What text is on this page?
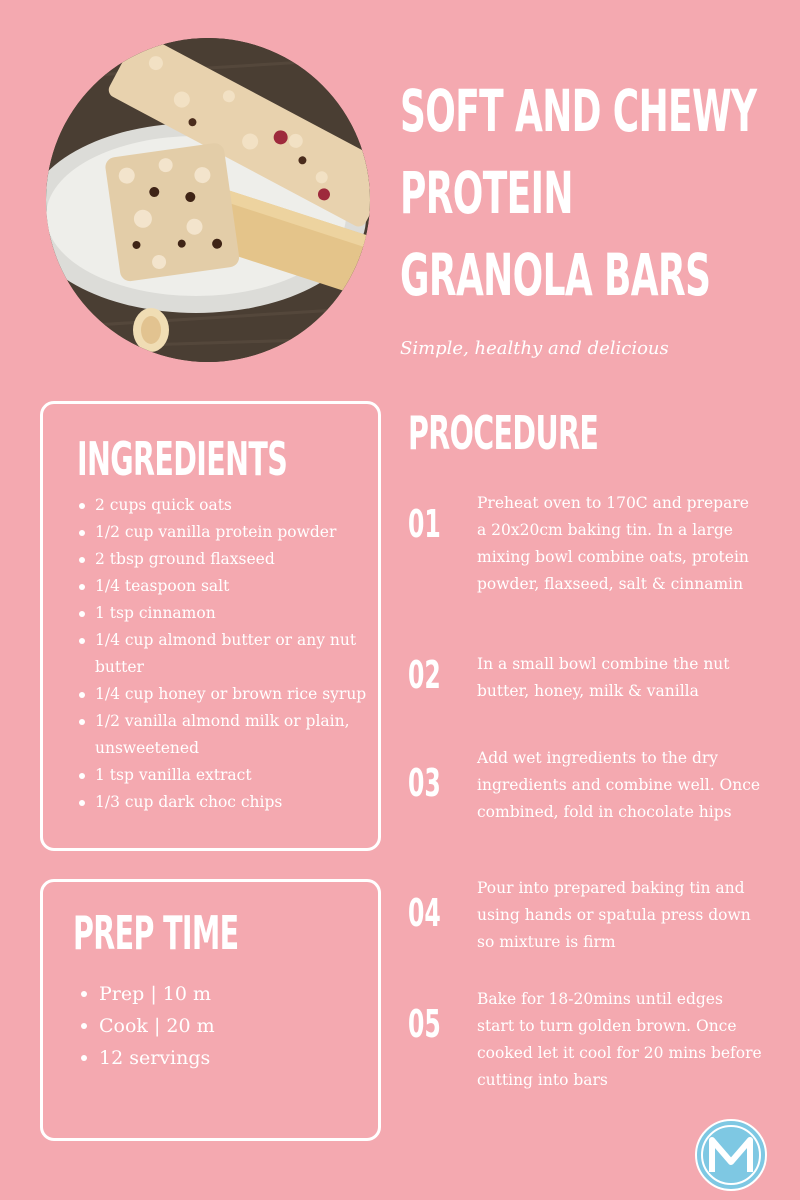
SOFT AND CHEWY
PROTEIN
GRANOLA BARS
Simple, healthy and delicious
INGREDIENTS
2 cups quick oats
1/2 cup vanilla protein powder
2 tbsp ground flaxseed
1/4 teaspoon salt
1 tsp cinnamon
1/4 cup almond butter or any nut butter
1/4 cup honey or brown rice syrup
1/2 vanilla almond milk or plain, unsweetened
1 tsp vanilla extract
1/3 cup dark choc chips
PREP TIME
Prep | 10 m
Cook | 20 m
12 servings
PROCEDURE
01 Preheat oven to 170C and prepare a 20x20cm baking tin. In a large mixing bowl combine oats, protein powder, flaxseed, salt & cinnamin
02 In a small bowl combine the nut butter, honey, milk & vanilla
03
Add wet ingredients to the dry ingredients and combine well. Once combined, fold in chocolate hips
04
Pour into prepared baking tin and using hands or spatula press down so mixture is firm
05
Bake for 18-20mins until edges start to turn golden brown. Once cooked let it cool for 20 mins before cutting into bars
